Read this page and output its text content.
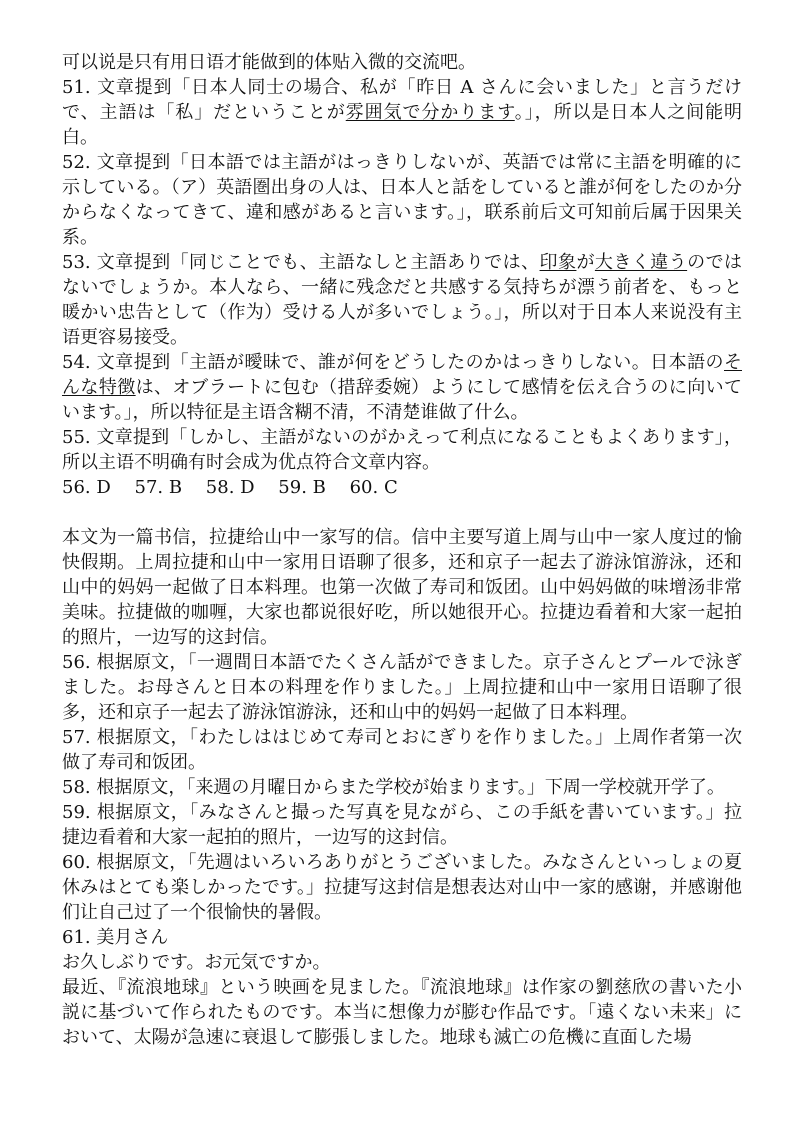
可以说是只有用日语才能做到的体贴入微的交流吧。

51. 文章提到「日本人同士の場合、私が「昨日 A さんに会いました」と言うだけで、主語は「私」だということが雰囲気で分かります。」，所以是日本人之间能明白。

52. 文章提到「日本語では主語がはっきりしないが、英語では常に主語を明確的に示している。（ア）英語圏出身の人は、日本人と話をしていると誰が何をしたのか分からなくなってきて、違和感があると言います。」，联系前后文可知前后属于因果关系。

53. 文章提到「同じことでも、主語なしと主語ありでは、印象が大きく違うのではないでしょうか。本人なら、一緒に残念だと共感する気持ちが漂う前者を、もっと暖かい忠告として（作为）受ける人が多いでしょう。」，所以对于日本人来说没有主语更容易接受。

54. 文章提到「主語が曖昧で、誰が何をどうしたのかはっきりしない。日本語のそんな特徴は、オブラートに包む（措辞委婉）ようにして感情を伝え合うのに向いています。」，所以特征是主语含糊不清，不清楚谁做了什么。

55. 文章提到「しかし、主語がないのがかえって利点になることもよくあります」，所以主语不明确有时会成为优点符合文章内容。

56. D　 57. B　 58. D　 59. B　 60. C

本文为一篇书信，拉捷给山中一家写的信。信中主要写道上周与山中一家人度过的愉快假期。上周拉捷和山中一家用日语聊了很多，还和京子一起去了游泳馆游泳，还和山中的妈妈一起做了日本料理。也第一次做了寿司和饭团。山中妈妈做的味增汤非常美味。拉捷做的咖喱，大家也都说很好吃，所以她很开心。拉捷边看着和大家一起拍的照片，一边写的这封信。

56. 根据原文，「一週間日本語でたくさん話ができました。京子さんとプールで泳ぎました。お母さんと日本の料理を作りました。」上周拉捷和山中一家用日语聊了很多，还和京子一起去了游泳馆游泳，还和山中的妈妈一起做了日本料理。

57. 根据原文，「わたしははじめて寿司とおにぎりを作りました。」上周作者第一次做了寿司和饭团。

58. 根据原文，「来週の月曜日からまた学校が始まります。」下周一学校就开学了。

59. 根据原文，「みなさんと撮った写真を見ながら、この手紙を書いています。」拉捷边看着和大家一起拍的照片，一边写的这封信。

60. 根据原文，「先週はいろいろありがとうございました。みなさんといっしょの夏休みはとても楽しかったです。」拉捷写这封信是想表达对山中一家的感谢，并感谢他们让自己过了一个很愉快的暑假。

61. 美月さん

お久しぶりです。お元気ですか。

最近、『流浪地球』という映画を見ました。『流浪地球』は作家の劉慈欣の書いた小説に基づいて作られたものです。本当に想像力が膨む作品です。「遠くない未来」において、太陽が急速に衰退して膨張しました。地球も滅亡の危機に直面した場
